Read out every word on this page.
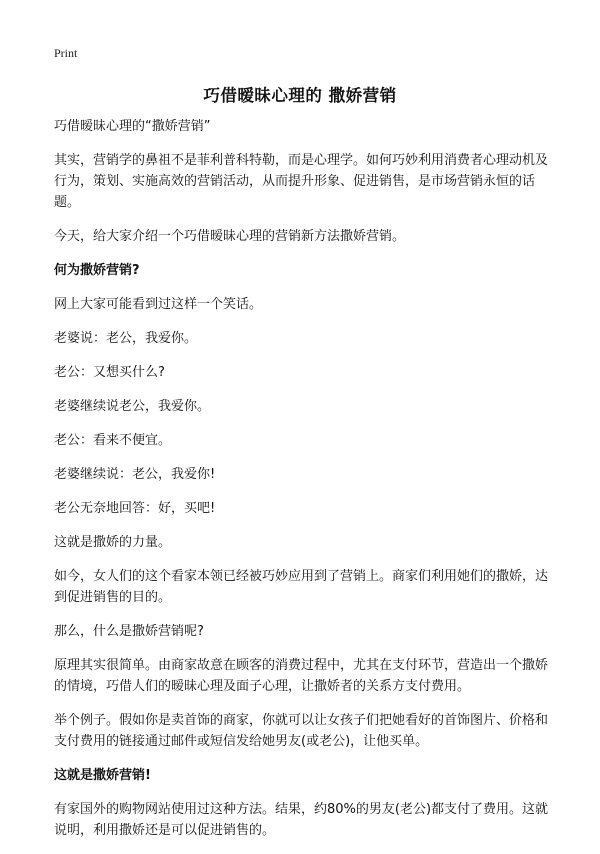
Print
巧借暧昧心理的 撒娇营销

巧借暧昧心理的“撒娇营销”

其实，营销学的鼻祖不是菲利普科特勒，而是心理学。如何巧妙利用消费者心理动机及行为，策划、实施高效的营销活动，从而提升形象、促进销售，是市场营销永恒的话题。

今天，给大家介绍一个巧借暧昧心理的营销新方法撒娇营销。

何为撒娇营销?

网上大家可能看到过这样一个笑话。

老婆说：老公，我爱你。

老公：又想买什么?

老婆继续说老公，我爱你。

老公：看来不便宜。

老婆继续说：老公，我爱你!

老公无奈地回答：好，买吧!

这就是撒娇的力量。

如今，女人们的这个看家本领已经被巧妙应用到了营销上。商家们利用她们的撒娇，达到促进销售的目的。

那么，什么是撒娇营销呢?

原理其实很简单。由商家故意在顾客的消费过程中，尤其在支付环节，营造出一个撒娇的情境，巧借人们的暧昧心理及面子心理，让撒娇者的关系方支付费用。

举个例子。假如你是卖首饰的商家，你就可以让女孩子们把她看好的首饰图片、价格和支付费用的链接通过邮件或短信发给她男友(或老公)，让他买单。

这就是撒娇营销!

有家国外的购物网站使用过这种方法。结果，约80%的男友(老公)都支付了费用。这就说明，利用撒娇还是可以促进销售的。
